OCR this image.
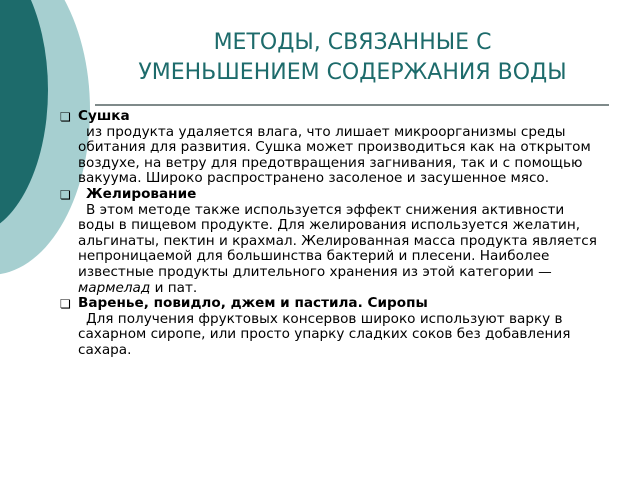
МЕТОДЫ, СВЯЗАННЫЕ С
УМЕНЬШЕНИЕМ СОДЕРЖАНИЯ ВОДЫ
❏ Сушка
из продукта удаляется влага, что лишает микроорганизмы среды обитания для развития. Сушка может производиться как на открытом воздухе, на ветру для предотвращения загнивания, так и с помощью вакуума. Широко распространено засоленое и засушенное мясо.
❏	Желирование
В этом методе также используется эффект снижения активности воды в пищевом продукте. Для желирования используется желатин, альгинаты, пектин и крахмал. Желированная масса продукта является непроницаемой для большинства бактерий и плесени. Наиболее известные продукты длительного хранения из этой категории — мармелад и пат.
❏ Варенье, повидло, джем и пастила. Сиропы
Для получения фруктовых консервов широко используют варку в сахарном сиропе, или просто упарку сладких соков без добавления сахара.
